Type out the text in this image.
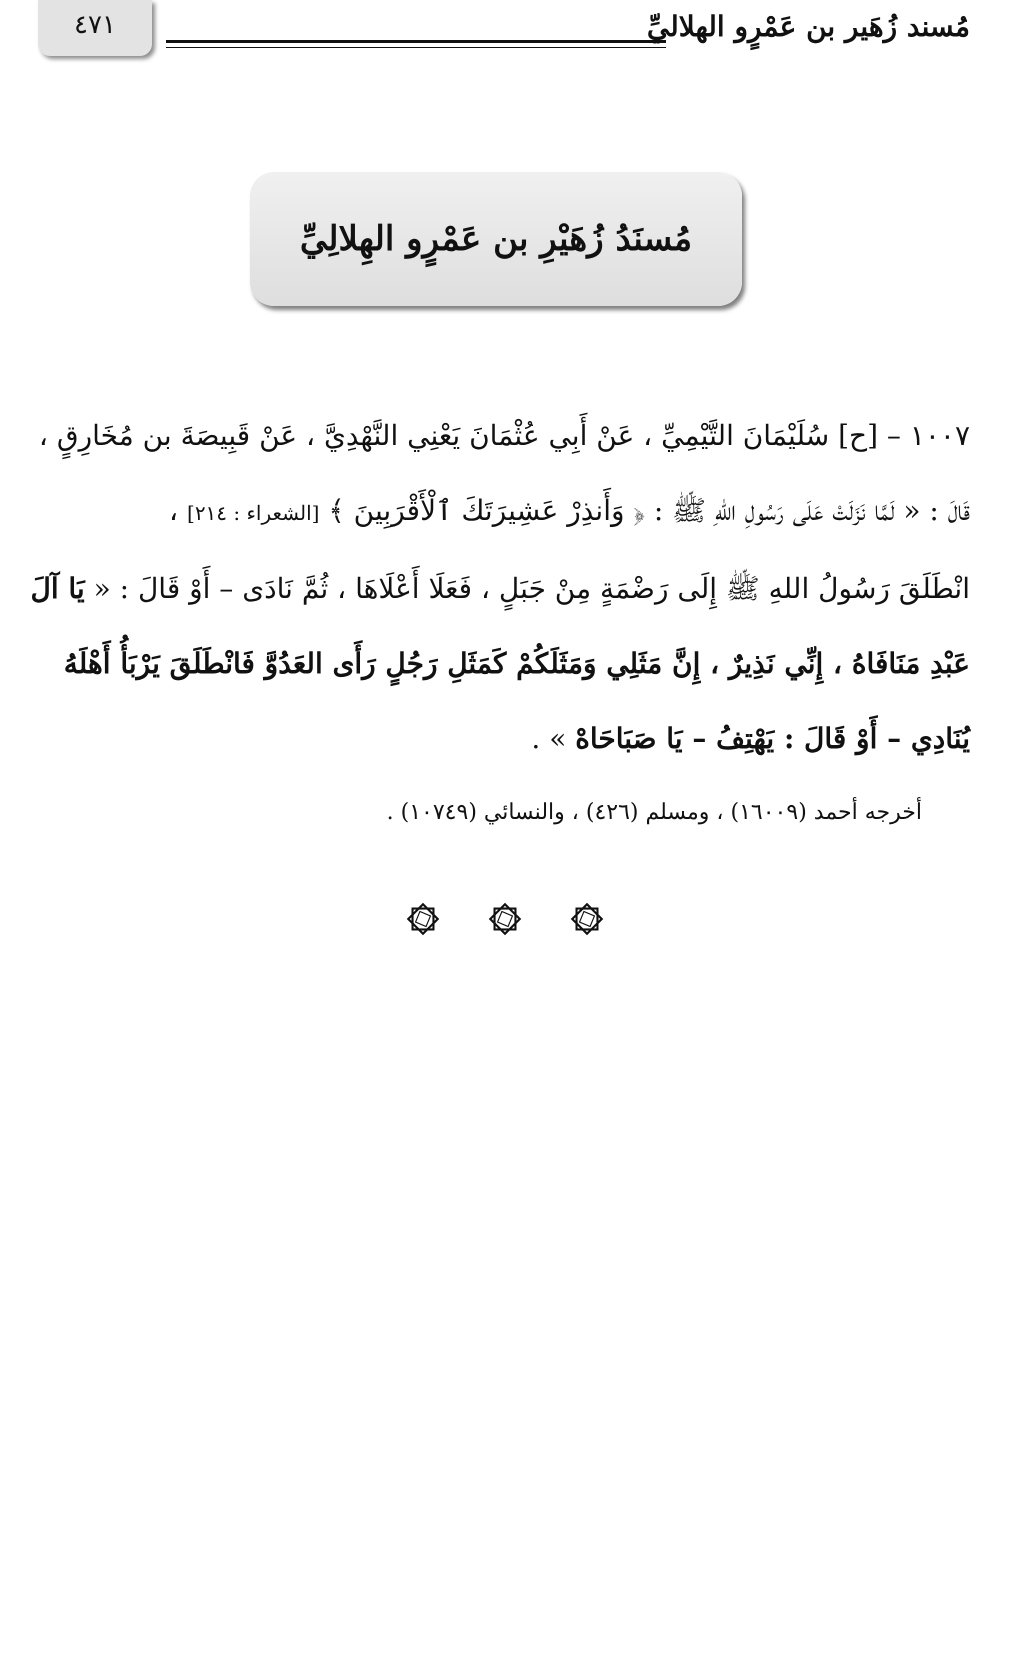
٤٧١	مُسند زُهَير بن عَمْرٍو الهلاليِّ
مُسنَدُ زُهَيْرِ بن عَمْرٍو الهِلالِيِّ
١٠٠٧ – [ح] سُلَيْمَانَ التَّيْمِيِّ ، عَنْ أَبِي عُثْمَانَ يَعْنِي النَّهْدِيَّ ، عَنْ قَبِيصَةَ بن مُخَارِقٍ ،
قَالَ : « لَمَّا نَزَلَتْ عَلَى رَسُولِ اللهِ ﷺ : ﴿ وَأَنذِرْ عَشِيرَتَكَ ٱلْأَقْرَبِينَ ﴾ [الشعراء : ٢١٤] ،
انْطَلَقَ رَسُولُ اللهِ ﷺ إِلَى رَضْمَةٍ مِنْ جَبَلٍ ، فَعَلَا أَعْلَاهَا ، ثُمَّ نَادَى – أَوْ قَالَ : « يَا آلَ
عَبْدِ مَنَافَاهُ ، إِنِّي نَذِيرٌ ، إِنَّ مَثَلِي وَمَثَلَكُمْ كَمَثَلِ رَجُلٍ رَأَى العَدُوَّ فَانْطَلَقَ يَرْبَأُ أَهْلَهُ
يُنَادِي – أَوْ قَالَ : يَهْتِفُ – يَا صَبَاحَاهْ » .
أخرجه أحمد (١٦٠٠٩) ، ومسلم (٤٢٦) ، والنسائي (١٠٧٤٩) .
